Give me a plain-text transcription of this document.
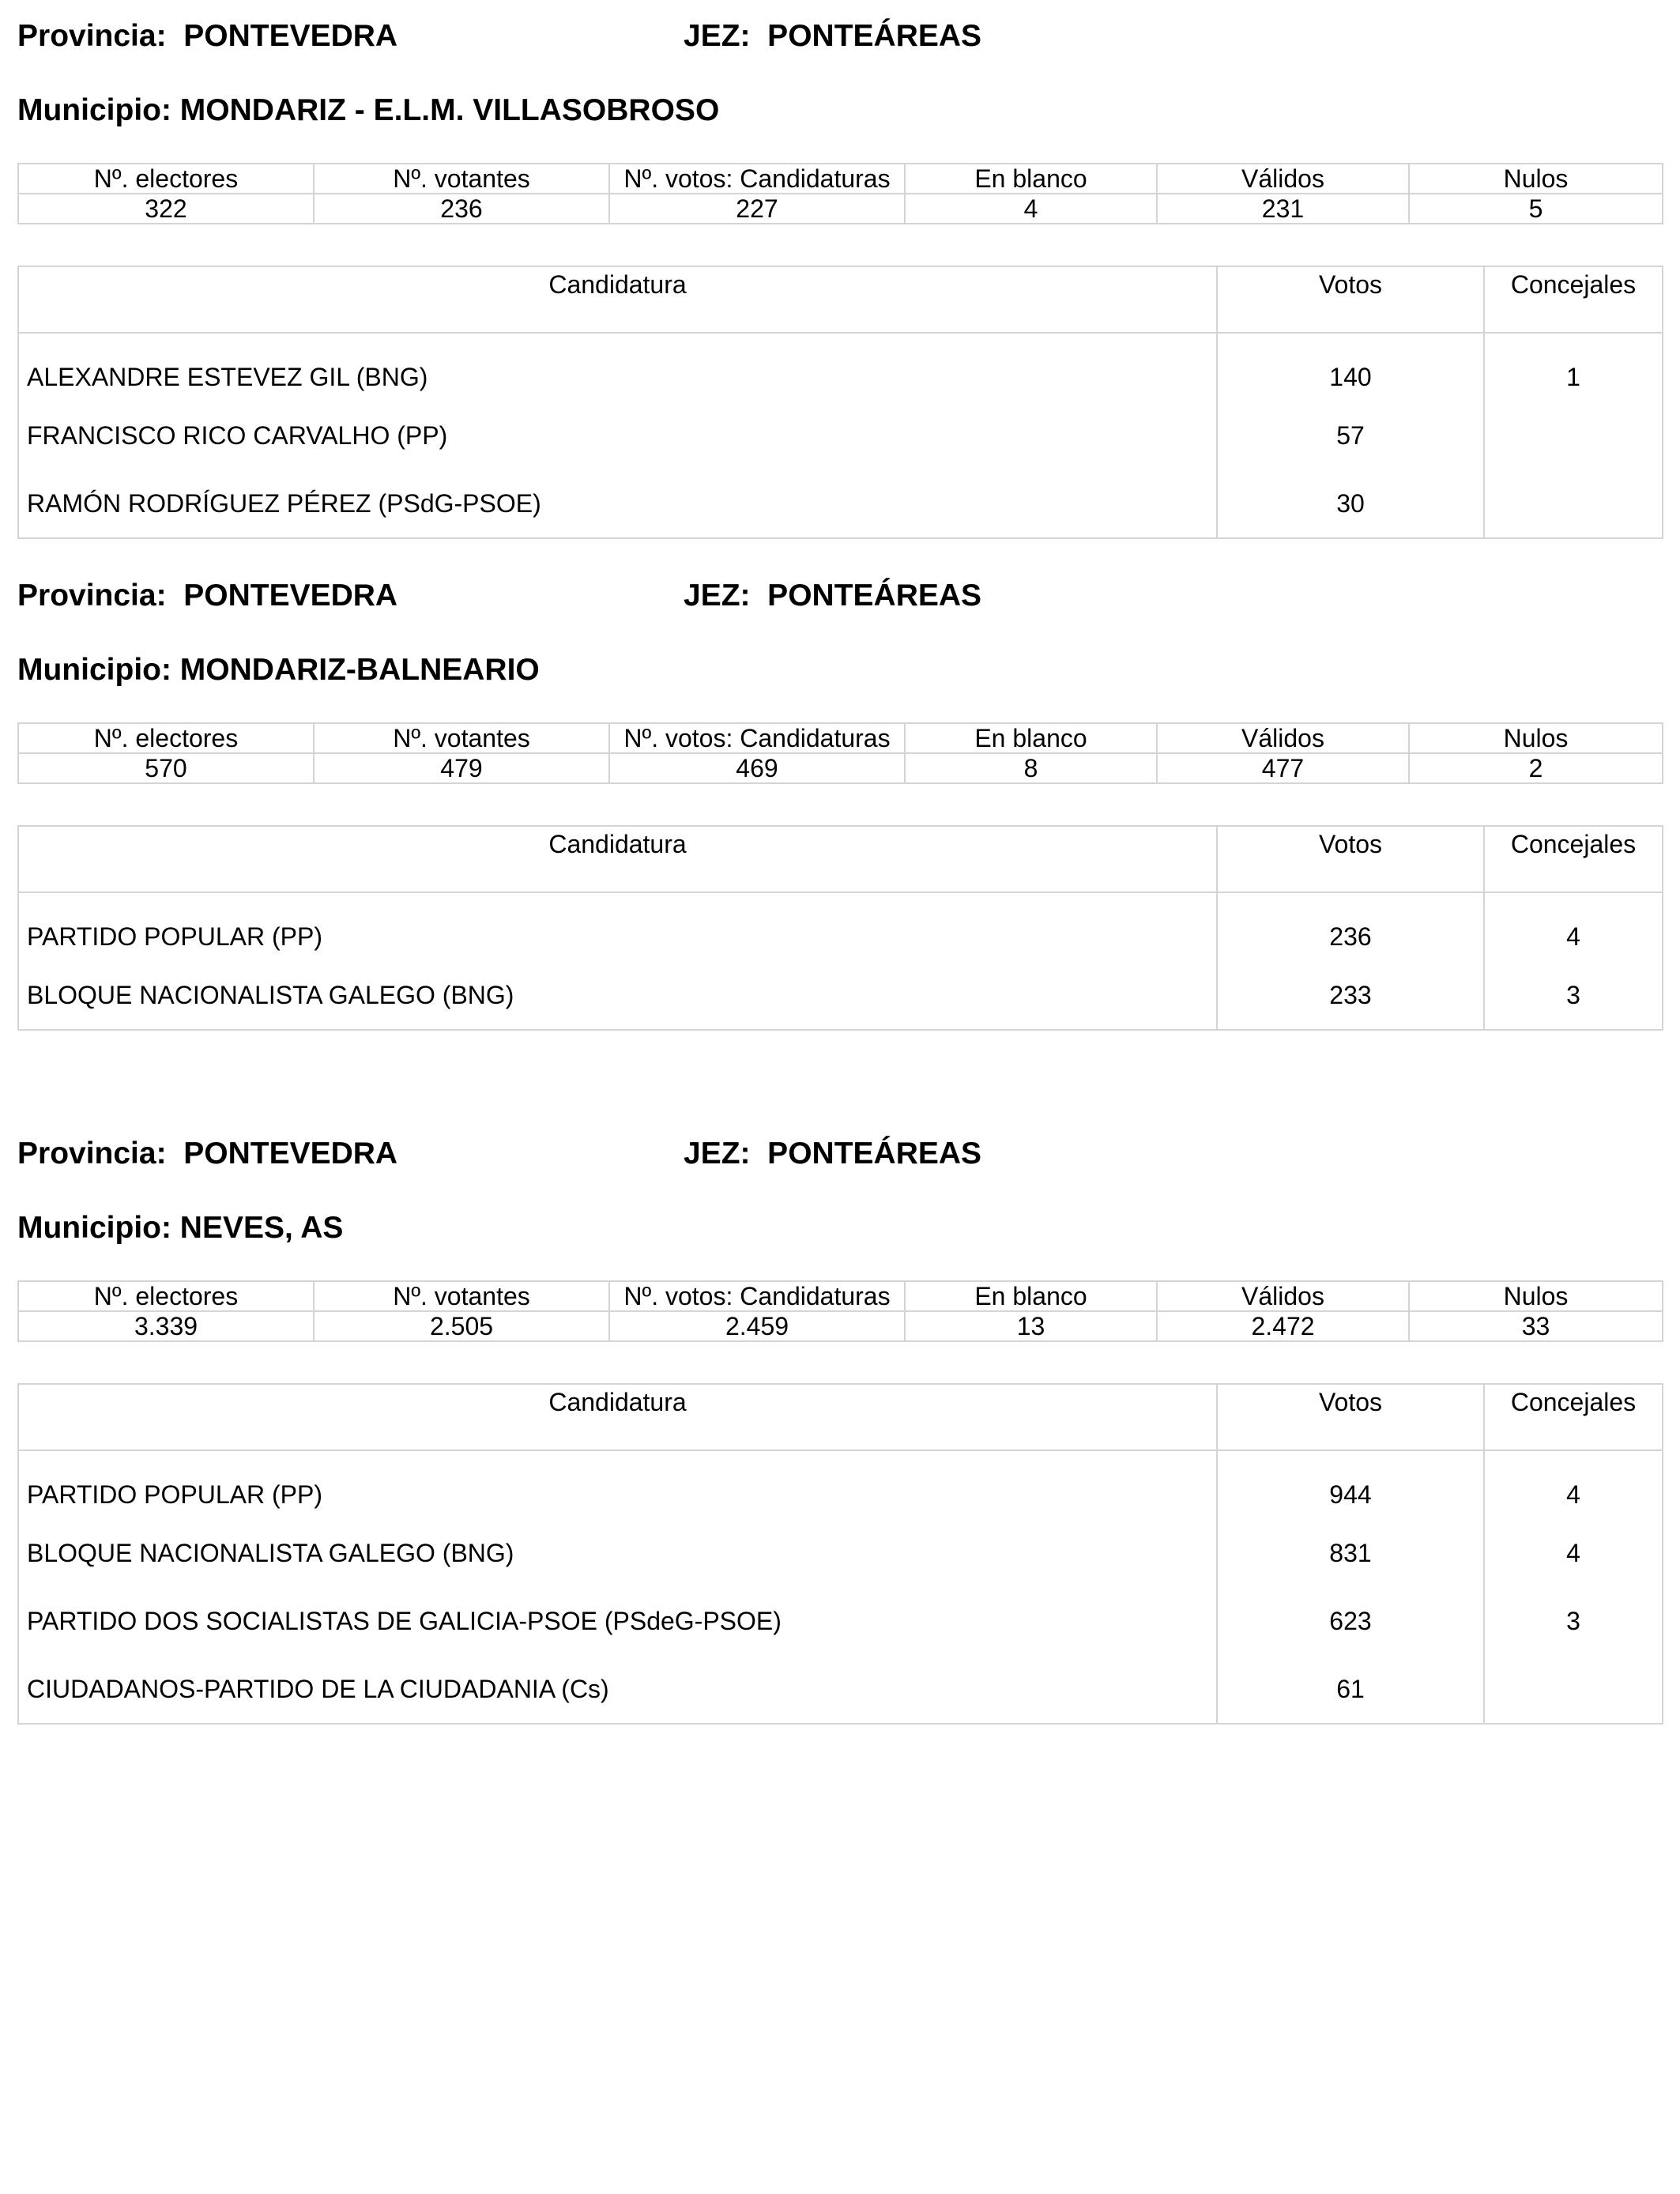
Provincia:  PONTEVEDRA	JEZ:  PONTEÁREAS
Municipio: MONDARIZ - E.L.M. VILLASOBROSO
Nº. electores	Nº. votantes	Nº. votos: Candidaturas	En blanco	Válidos	Nulos
322	236	227	4	231	5
Candidatura	Votos	Concejales
ALEXANDRE ESTEVEZ GIL (BNG)	140	1
FRANCISCO RICO CARVALHO (PP)	57	
RAMÓN RODRÍGUEZ PÉREZ (PSdG-PSOE)	30	
Provincia:  PONTEVEDRA	JEZ:  PONTEÁREAS
Municipio: MONDARIZ-BALNEARIO
Nº. electores	Nº. votantes	Nº. votos: Candidaturas	En blanco	Válidos	Nulos
570	479	469	8	477	2
Candidatura	Votos	Concejales
PARTIDO POPULAR (PP)	236	4
BLOQUE NACIONALISTA GALEGO (BNG)	233	3
Provincia:  PONTEVEDRA	JEZ:  PONTEÁREAS
Municipio: NEVES, AS
Nº. electores	Nº. votantes	Nº. votos: Candidaturas	En blanco	Válidos	Nulos
3.339	2.505	2.459	13	2.472	33
Candidatura	Votos	Concejales
PARTIDO POPULAR (PP)	944	4
BLOQUE NACIONALISTA GALEGO (BNG)	831	4
PARTIDO DOS SOCIALISTAS DE GALICIA-PSOE (PSdeG-PSOE)	623	3
CIUDADANOS-PARTIDO DE LA CIUDADANIA (Cs)	61	
